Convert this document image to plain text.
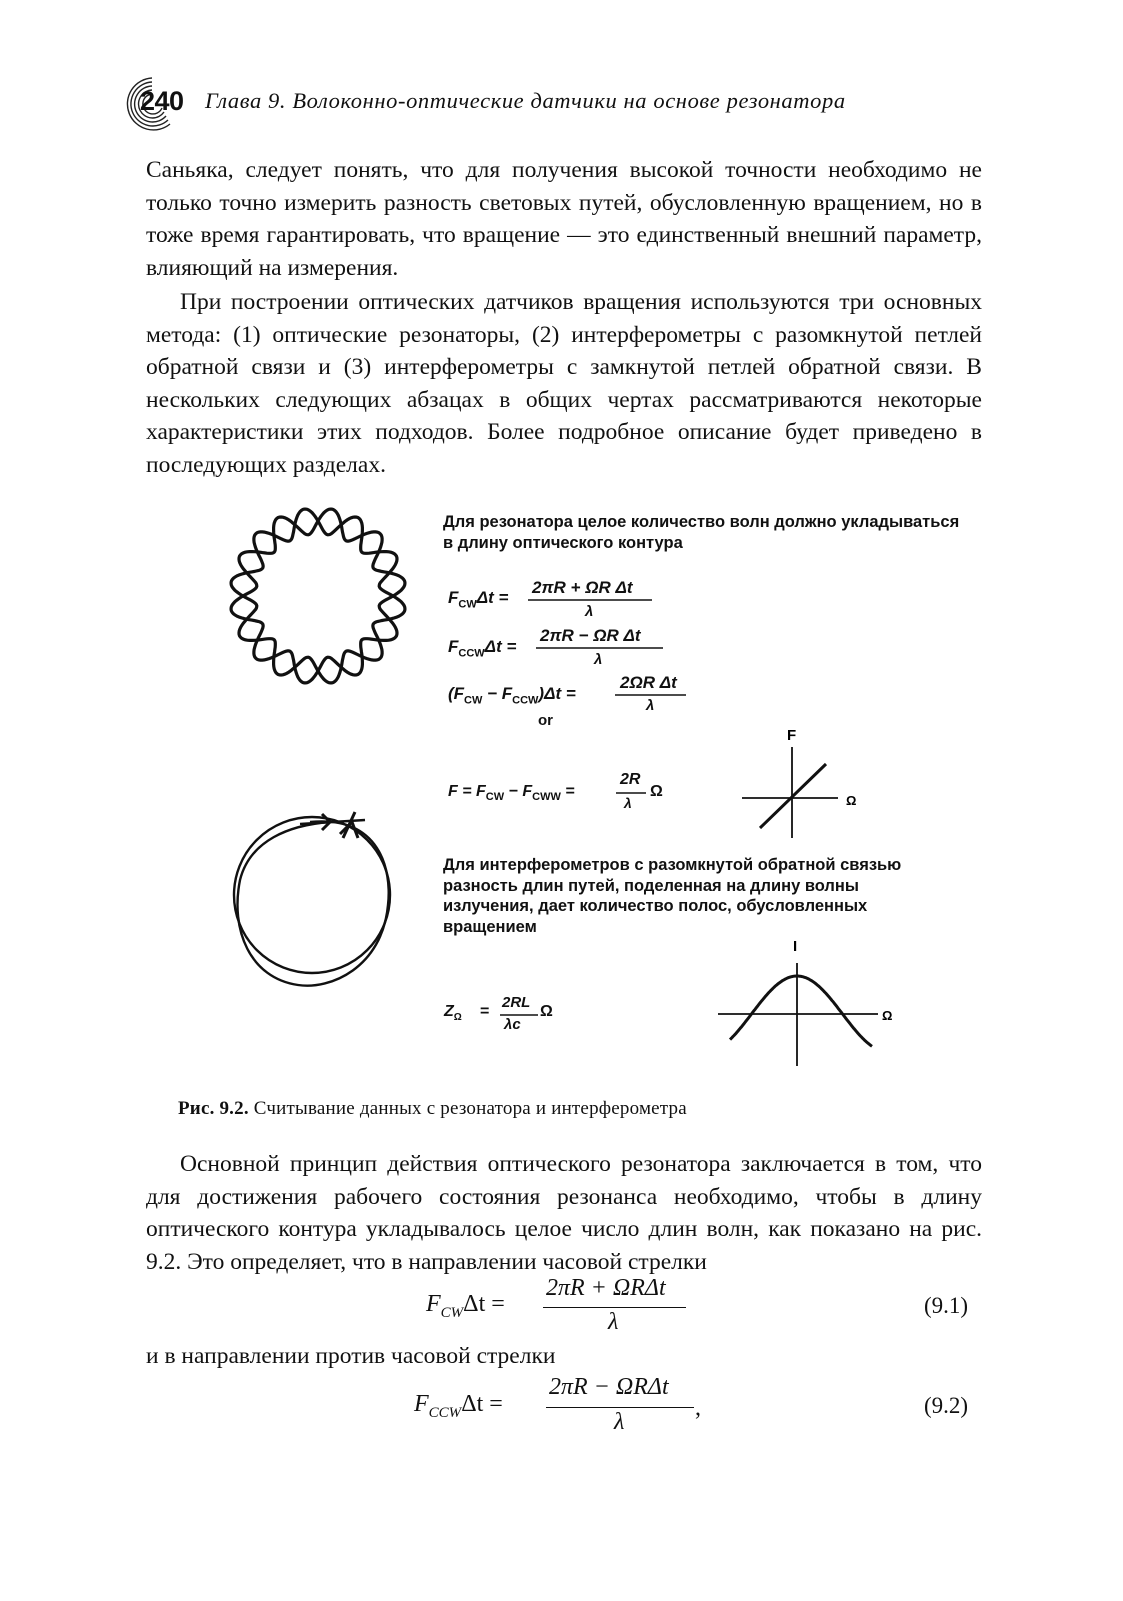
240 Глава 9. Волоконно-оптические датчики на основе резонатора
Саньяка, следует понять, что для получения высокой точности необходимо не только точно измерить разность световых путей, обусловленную вращением, но в тоже время гарантировать, что вращение — это единственный внешний параметр, влияющий на измерения.
При построении оптических датчиков вращения используются три основных метода: (1) оптические резонаторы, (2) интерферометры с разомкнутой петлей обратной связи и (3) интерферометры с замкнутой петлей обратной связи. В нескольких следующих абзацах в общих чертах рассматриваются некоторые характеристики этих подходов. Более подробное описание будет приведено в последующих разделах.
F
Ω
I
Ω
Для резонатора целое количество волн должно укладываться в длину оптического контура
$F_{CW}\Delta t$ =
2πR + ΩR Δt
λ
$F_{CCW}\Delta t$ =
2πR − ΩR Δt
λ
$(F_{CW} - F_{CCW})\Delta t$ =
2ΩR Δt
λ
or
$F = F_{CW} - F_{CWW}$ =
2R
λ
Ω
Для интерферометров с разомкнутой обратной связью разность длин путей, поделенная на длину волны излучения, дает количество полос, обусловленных вращением
$Z_\Omega$ =
2RL
λc
Ω
Рис. 9.2. Считывание данных с резонатора и интерферометра
Основной принцип действия оптического резонатора заключается в том, что для достижения рабочего состояния резонанса необходимо, чтобы в длину оптического контура укладывалось целое число длин волн, как показано на рис. 9.2. Это определяет, что в направлении часовой стрелки
$F_{CW}\Delta t$ =
2πR + ΩRΔt
λ
(9.1)
и в направлении против часовой стрелки
$F_{CCW}\Delta t$ =
2πR − ΩRΔt
λ
,	(9.2)
